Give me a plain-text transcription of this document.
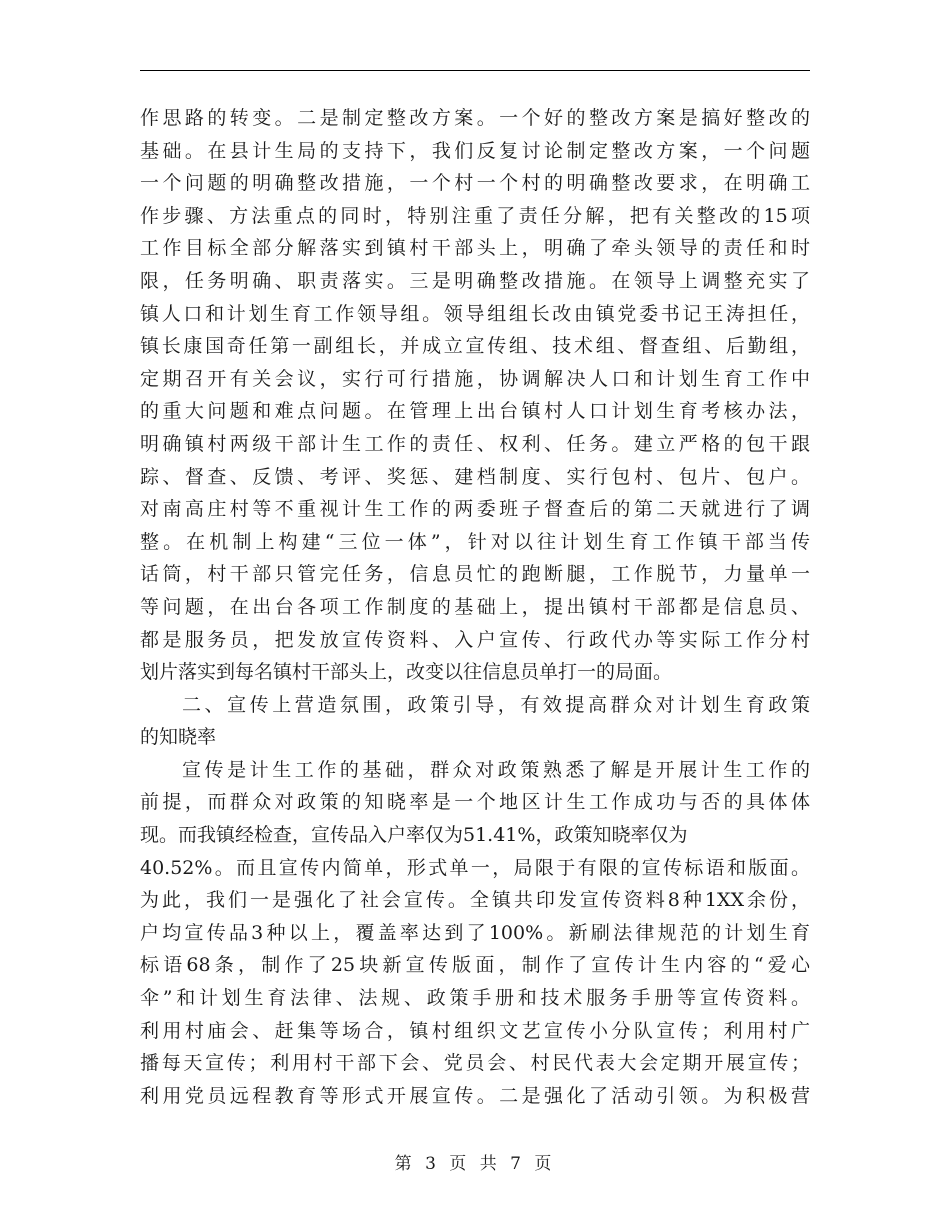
作思路的转变。二是制定整改方案。一个好的整改方案是搞好整改的
基础。在县计生局的支持下，我们反复讨论制定整改方案，一个问题
一个问题的明确整改措施，一个村一个村的明确整改要求，在明确工
作步骤、方法重点的同时，特别注重了责任分解，把有关整改的15项
工作目标全部分解落实到镇村干部头上，明确了牵头领导的责任和时
限，任务明确、职责落实。三是明确整改措施。在领导上调整充实了
镇人口和计划生育工作领导组。领导组组长改由镇党委书记王涛担任，
镇长康国奇任第一副组长，并成立宣传组、技术组、督查组、后勤组，
定期召开有关会议，实行可行措施，协调解决人口和计划生育工作中
的重大问题和难点问题。在管理上出台镇村人口计划生育考核办法，
明确镇村两级干部计生工作的责任、权利、任务。建立严格的包干跟
踪、督查、反馈、考评、奖惩、建档制度、实行包村、包片、包户。
对南高庄村等不重视计生工作的两委班子督查后的第二天就进行了调
整。在机制上构建“三位一体”，针对以往计划生育工作镇干部当传
话筒，村干部只管完任务，信息员忙的跑断腿，工作脱节，力量单一
等问题，在出台各项工作制度的基础上，提出镇村干部都是信息员、
都是服务员，把发放宣传资料、入户宣传、行政代办等实际工作分村
划片落实到每名镇村干部头上，改变以往信息员单打一的局面。
二、宣传上营造氛围，政策引导，有效提高群众对计划生育政策
的知晓率
宣传是计生工作的基础，群众对政策熟悉了解是开展计生工作的
前提，而群众对政策的知晓率是一个地区计生工作成功与否的具体体
现。而我镇经检查，宣传品入户率仅为51.41%，政策知晓率仅为
40.52%。而且宣传内简单，形式单一，局限于有限的宣传标语和版面。
为此，我们一是强化了社会宣传。全镇共印发宣传资料8种1XX余份，
户均宣传品3种以上，覆盖率达到了100%。新刷法律规范的计划生育
标语68条，制作了25块新宣传版面，制作了宣传计生内容的“爱心
伞”和计划生育法律、法规、政策手册和技术服务手册等宣传资料。
利用村庙会、赶集等场合，镇村组织文艺宣传小分队宣传；利用村广
播每天宣传；利用村干部下会、党员会、村民代表大会定期开展宣传；
利用党员远程教育等形式开展宣传。二是强化了活动引领。为积极营
第 3 页 共 7 页
